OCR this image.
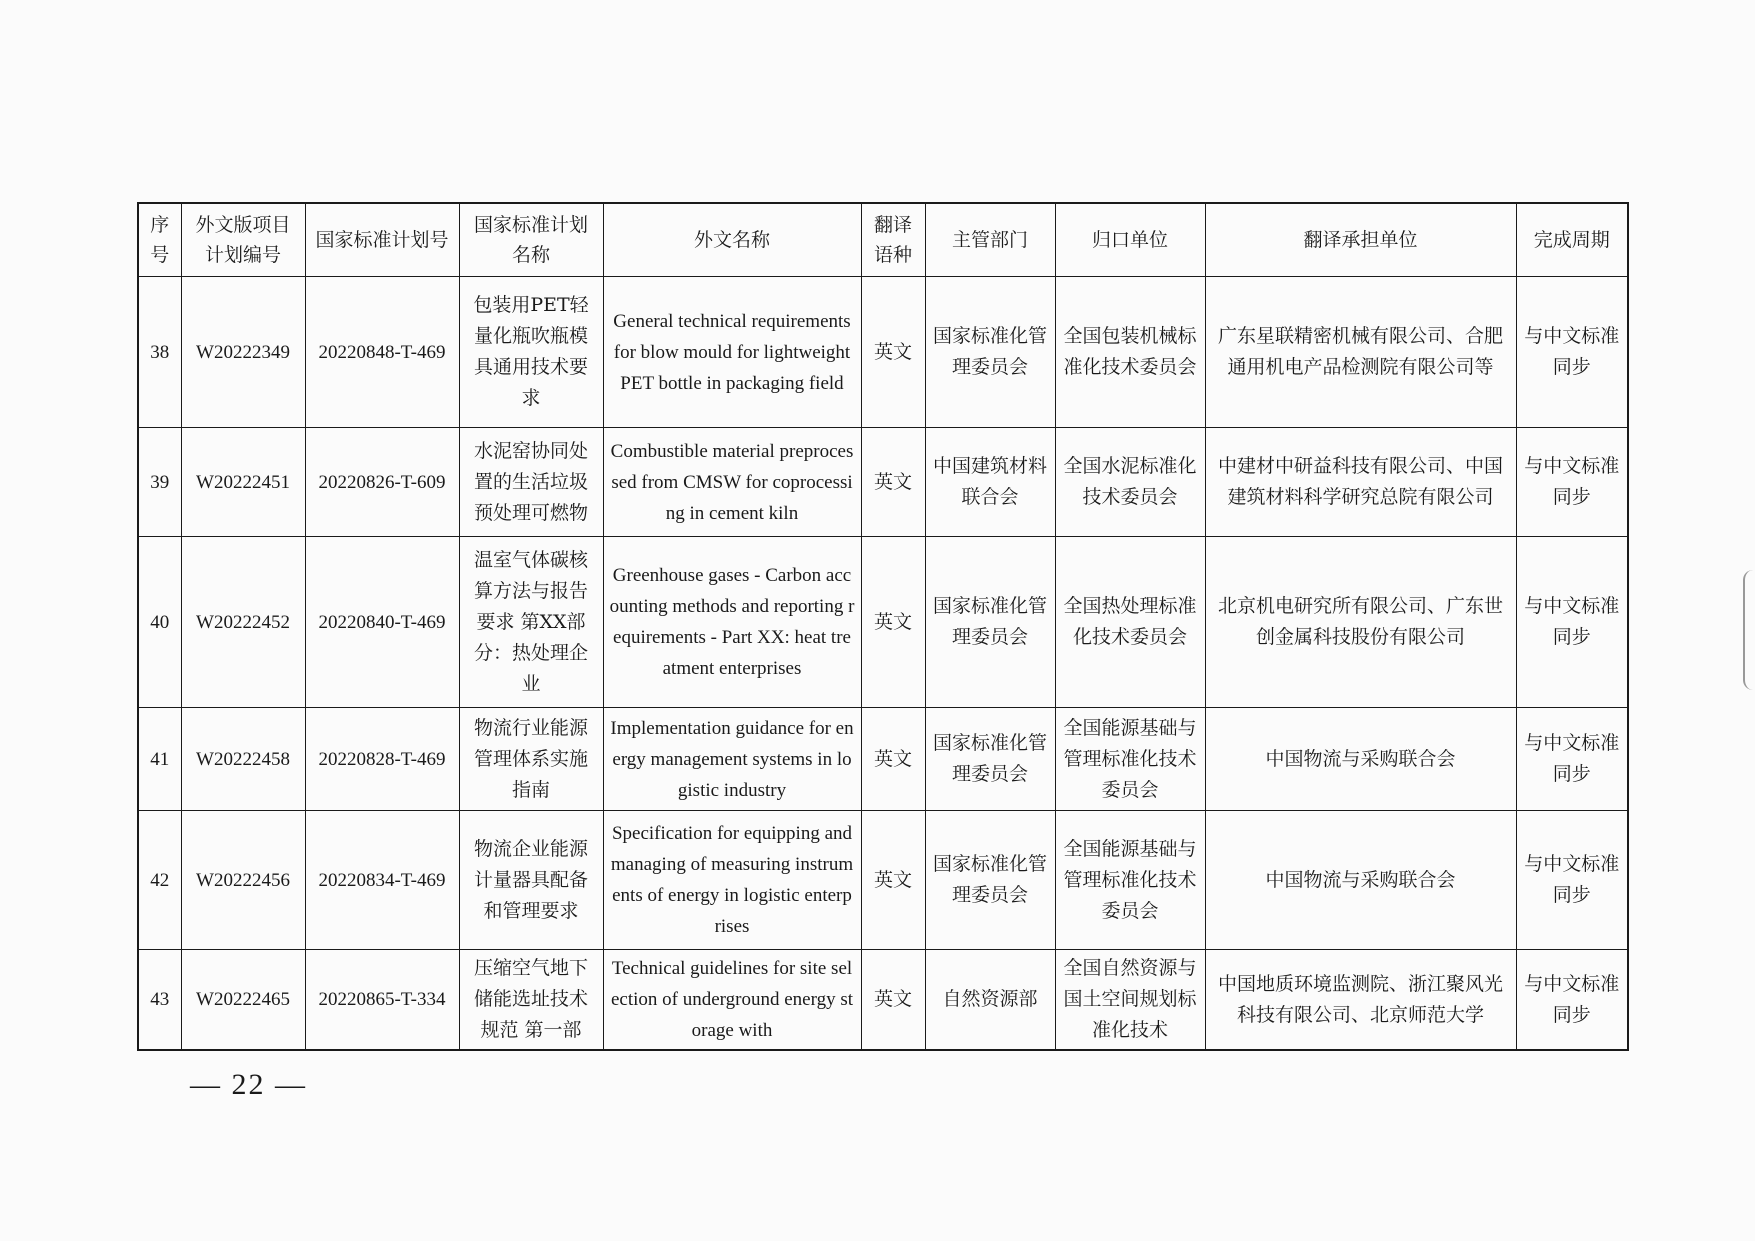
序号	外文版项目计划编号	国家标准计划号	国家标准计划名称	外文名称	翻译语种	主管部门	归口单位	翻译承担单位	完成周期
38	W20222349	20220848-T-469	包装用PET轻量化瓶吹瓶模具通用技术要求	General technical requirements for blow mould for lightweight PET bottle in packaging field	英文	国家标准化管理委员会	全国包装机械标准化技术委员会	广东星联精密机械有限公司、合肥通用机电产品检测院有限公司等	与中文标准同步
39	W20222451	20220826-T-609	水泥窑协同处置的生活垃圾预处理可燃物	Combustible material preprocessed from CMSW for coprocessing in cement kiln	英文	中国建筑材料联合会	全国水泥标准化技术委员会	中建材中研益科技有限公司、中国建筑材料科学研究总院有限公司	与中文标准同步
40	W20222452	20220840-T-469	温室气体碳核算方法与报告要求 第XX部分：热处理企业	Greenhouse gases - Carbon accounting methods and reporting requirements - Part XX: heat treatment enterprises	英文	国家标准化管理委员会	全国热处理标准化技术委员会	北京机电研究所有限公司、广东世创金属科技股份有限公司	与中文标准同步
41	W20222458	20220828-T-469	物流行业能源管理体系实施指南	Implementation guidance for energy management systems in logistic industry	英文	国家标准化管理委员会	全国能源基础与管理标准化技术委员会	中国物流与采购联合会	与中文标准同步
42	W20222456	20220834-T-469	物流企业能源计量器具配备和管理要求	Specification for equipping and managing of measuring instruments of energy in logistic enterprises	英文	国家标准化管理委员会	全国能源基础与管理标准化技术委员会	中国物流与采购联合会	与中文标准同步
43	W20222465	20220865-T-334	压缩空气地下储能选址技术规范 第一部	Technical guidelines for site selection of underground energy storage with	英文	自然资源部	全国自然资源与国土空间规划标准化技术	中国地质环境监测院、浙江聚风光科技有限公司、北京师范大学	与中文标准同步
— 22 —
